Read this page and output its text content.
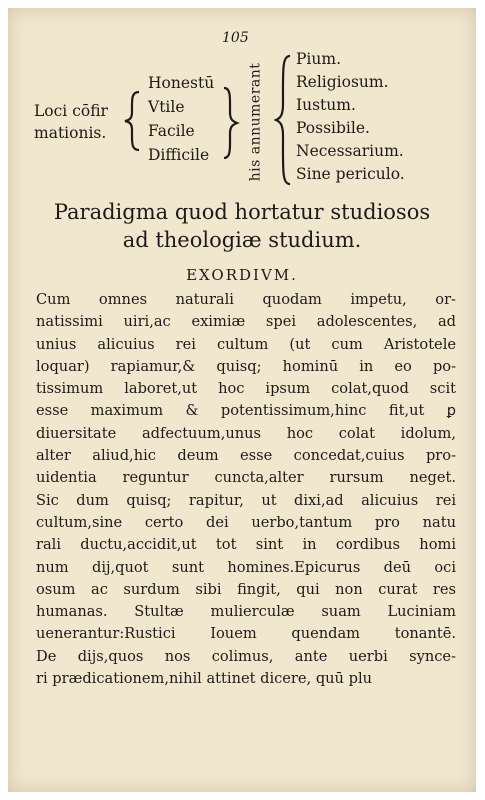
105
Loci cōfir
mationis.
Honestū
Vtile
Facile
Difficile
Pium.
Religiosum.
Iustum.
Possibile.
Necessarium.
Sine periculo.
his annumerant
Paradigma quod hortatur studiosos
ad theologiæ studium.
EXORDIVM.
Cum omnes naturali quodam impetu, or-
natissimi uiri,ac eximiæ spei adolescentes, ad
unius alicuius rei cultum (ut cum Aristotele
loquar) rapiamur,& quisq; hominū in eo po-
tissimum laboret,ut hoc ipsum colat,quod scit
esse maximum & potentissimum,hinc fit,ut ꝑ
diuersitate adfectuum,unus hoc colat idolum,
alter aliud,hic deum esse concedat,cuius pro-
uidentia reguntur cuncta,alter rursum neget.
Sic dum quisq; rapitur, ut dixi,ad alicuius rei
cultum,sine certo dei uerbo,tantum pro natu
rali ductu,accidit,ut tot sint in cordibus homi
num dij,quot sunt homines.Epicurus deū oci
osum ac surdum sibi fingit, qui non curat res
humanas. Stultæ mulierculæ suam Luciniam
uenerantur:Rustici Iouem quendam tonantē.
De dijs,quos nos colimus, ante uerbi synce-
ri prædicationem,nihil attinet dicere, quū plu
